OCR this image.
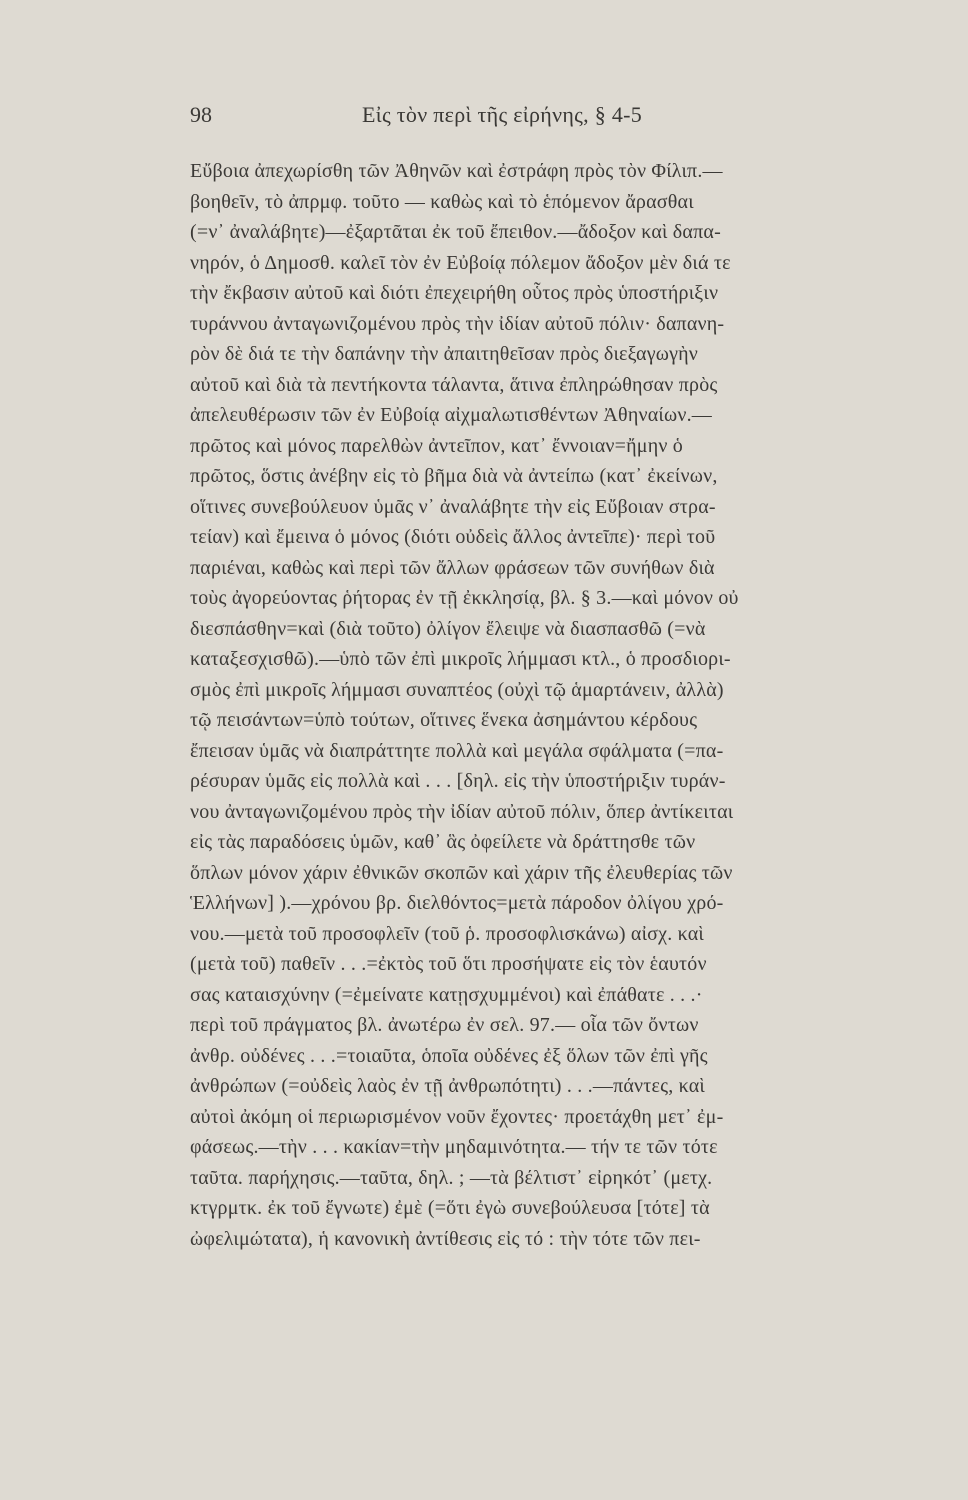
98	Εἰς τὸν περὶ τῆς εἰρήνης, § 4-5
Εὔβοια ἀπεχωρίσθη τῶν Ἀθηνῶν καὶ ἐστράφη πρὸς τὸν Φίλιπ.—
βοηθεῖν, τὸ ἀπρμφ. τοῦτο — καθὼς καὶ τὸ ἑπόμενον ἄρασθαι
(=ν᾽ ἀναλάβητε)—ἐξαρτᾶται ἐκ τοῦ ἔπειθον.—ἄδοξον καὶ δαπα-
νηρόν, ὁ Δημοσθ. καλεῖ τὸν ἐν Εὐβοίᾳ πόλεμον ἄδοξον μὲν διά τε
τὴν ἔκβασιν αὐτοῦ καὶ διότι ἐπεχειρήθη οὗτος πρὸς ὑποστήριξιν
τυράννου ἀνταγωνιζομένου πρὸς τὴν ἰδίαν αὐτοῦ πόλιν· δαπανη-
ρὸν δὲ διά τε τὴν δαπάνην τὴν ἀπαιτηθεῖσαν πρὸς διεξαγωγὴν
αὐτοῦ καὶ διὰ τὰ πεντήκοντα τάλαντα, ἅτινα ἐπληρώθησαν πρὸς
ἀπελευθέρωσιν τῶν ἐν Εὐβοίᾳ αἰχμαλωτισθέντων Ἀθηναίων.—
πρῶτος καὶ μόνος παρελθὼν ἀντεῖπον, κατ᾽ ἔννοιαν=ἤμην ὁ
πρῶτος, ὅστις ἀνέβην εἰς τὸ βῆμα διὰ νὰ ἀντείπω (κατ᾽ ἐκείνων,
οἵτινες συνεβούλευον ὑμᾶς ν᾽ ἀναλάβητε τὴν εἰς Εὔβοιαν στρα-
τείαν) καὶ ἔμεινα ὁ μόνος (διότι οὐδεὶς ἄλλος ἀντεῖπε)· περὶ τοῦ
παριέναι, καθὼς καὶ περὶ τῶν ἄλλων φράσεων τῶν συνήθων διὰ
τοὺς ἀγορεύοντας ῥήτορας ἐν τῇ ἐκκλησίᾳ, βλ. § 3.—καὶ μόνον οὐ
διεσπάσθην=καὶ (διὰ τοῦτο) ὀλίγον ἔλειψε νὰ διασπασθῶ (=νὰ
καταξεσχισθῶ).—ὑπὸ τῶν ἐπὶ μικροῖς λήμμασι κτλ., ὁ προσδιορι-
σμὸς ἐπὶ μικροῖς λήμμασι συναπτέος (οὐχὶ τῷ ἁμαρτάνειν, ἀλλὰ)
τῷ πεισάντων=ὑπὸ τούτων, οἵτινες ἕνεκα ἀσημάντου κέρδους
ἔπεισαν ὑμᾶς νὰ διαπράττητε πολλὰ καὶ μεγάλα σφάλματα (=πα-
ρέσυραν ὑμᾶς εἰς πολλὰ καὶ . . . [δηλ. εἰς τὴν ὑποστήριξιν τυράν-
νου ἀνταγωνιζομένου πρὸς τὴν ἰδίαν αὐτοῦ πόλιν, ὅπερ ἀντίκειται
εἰς τὰς παραδόσεις ὑμῶν, καθ᾽ ἃς ὀφείλετε νὰ δράττησθε τῶν
ὅπλων μόνον χάριν ἐθνικῶν σκοπῶν καὶ χάριν τῆς ἐλευθερίας τῶν
Ἑλλήνων] ).—χρόνου βρ. διελθόντος=μετὰ πάροδον ὀλίγου χρό-
νου.—μετὰ τοῦ προσοφλεῖν (τοῦ ῥ. προσοφλισκάνω) αἰσχ. καὶ
(μετὰ τοῦ) παθεῖν . . .=ἐκτὸς τοῦ ὅτι προσήψατε εἰς τὸν ἑαυτόν
σας καταισχύνην (=ἐμείνατε κατῃσχυμμένοι) καὶ ἐπάθατε . . .·
περὶ τοῦ πράγματος βλ. ἀνωτέρω ἐν σελ. 97.— οἷα τῶν ὄντων
ἀνθρ. οὐδένες . . .=τοιαῦτα, ὁποῖα οὐδένες ἐξ ὅλων τῶν ἐπὶ γῆς
ἀνθρώπων (=οὐδεὶς λαὸς ἐν τῇ ἀνθρωπότητι) . . .—πάντες, καὶ
αὐτοὶ ἀκόμη οἱ περιωρισμένον νοῦν ἔχοντες· προετάχθη μετ᾽ ἐμ-
φάσεως.—τὴν . . . κακίαν=τὴν μηδαμινότητα.— τήν τε τῶν τότε
ταῦτα. παρήχησις.—ταῦτα, δηλ. ; —τὰ βέλτιστ᾽ εἰρηκότ᾽ (μετχ.
κτγρμτκ. ἐκ τοῦ ἔγνωτε) ἐμὲ (=ὅτι ἐγὼ συνεβούλευσα [τότε] τὰ
ὠφελιμώτατα), ἡ κανονικὴ ἀντίθεσις εἰς τό : τὴν τότε τῶν πει-
